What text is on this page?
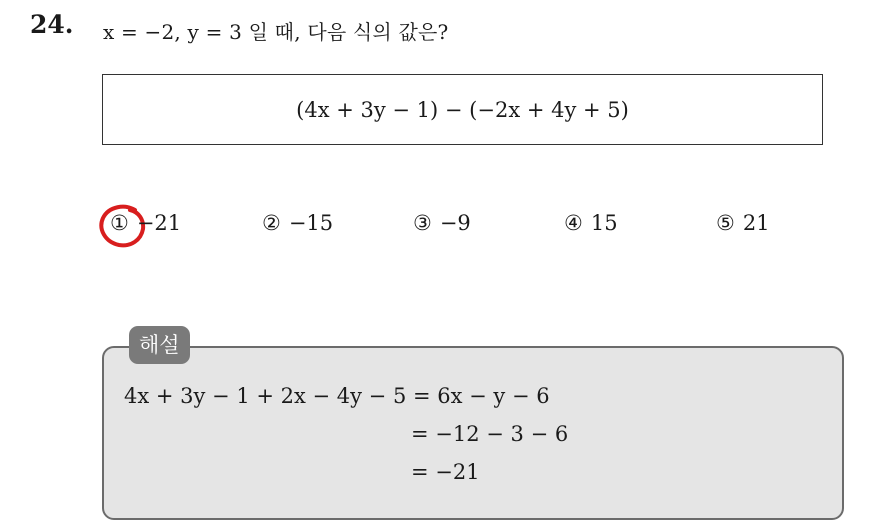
24. x = −2, y = 3 일 때, 다음 식의 값은?
(4x + 3y − 1) − (−2x + 4y + 5)
① −21	② −15	③ −9	④ 15	⑤ 21
해설
4x + 3y − 1 + 2x − 4y − 5 = 6x − y − 6
= −12 − 3 − 6
= −21
